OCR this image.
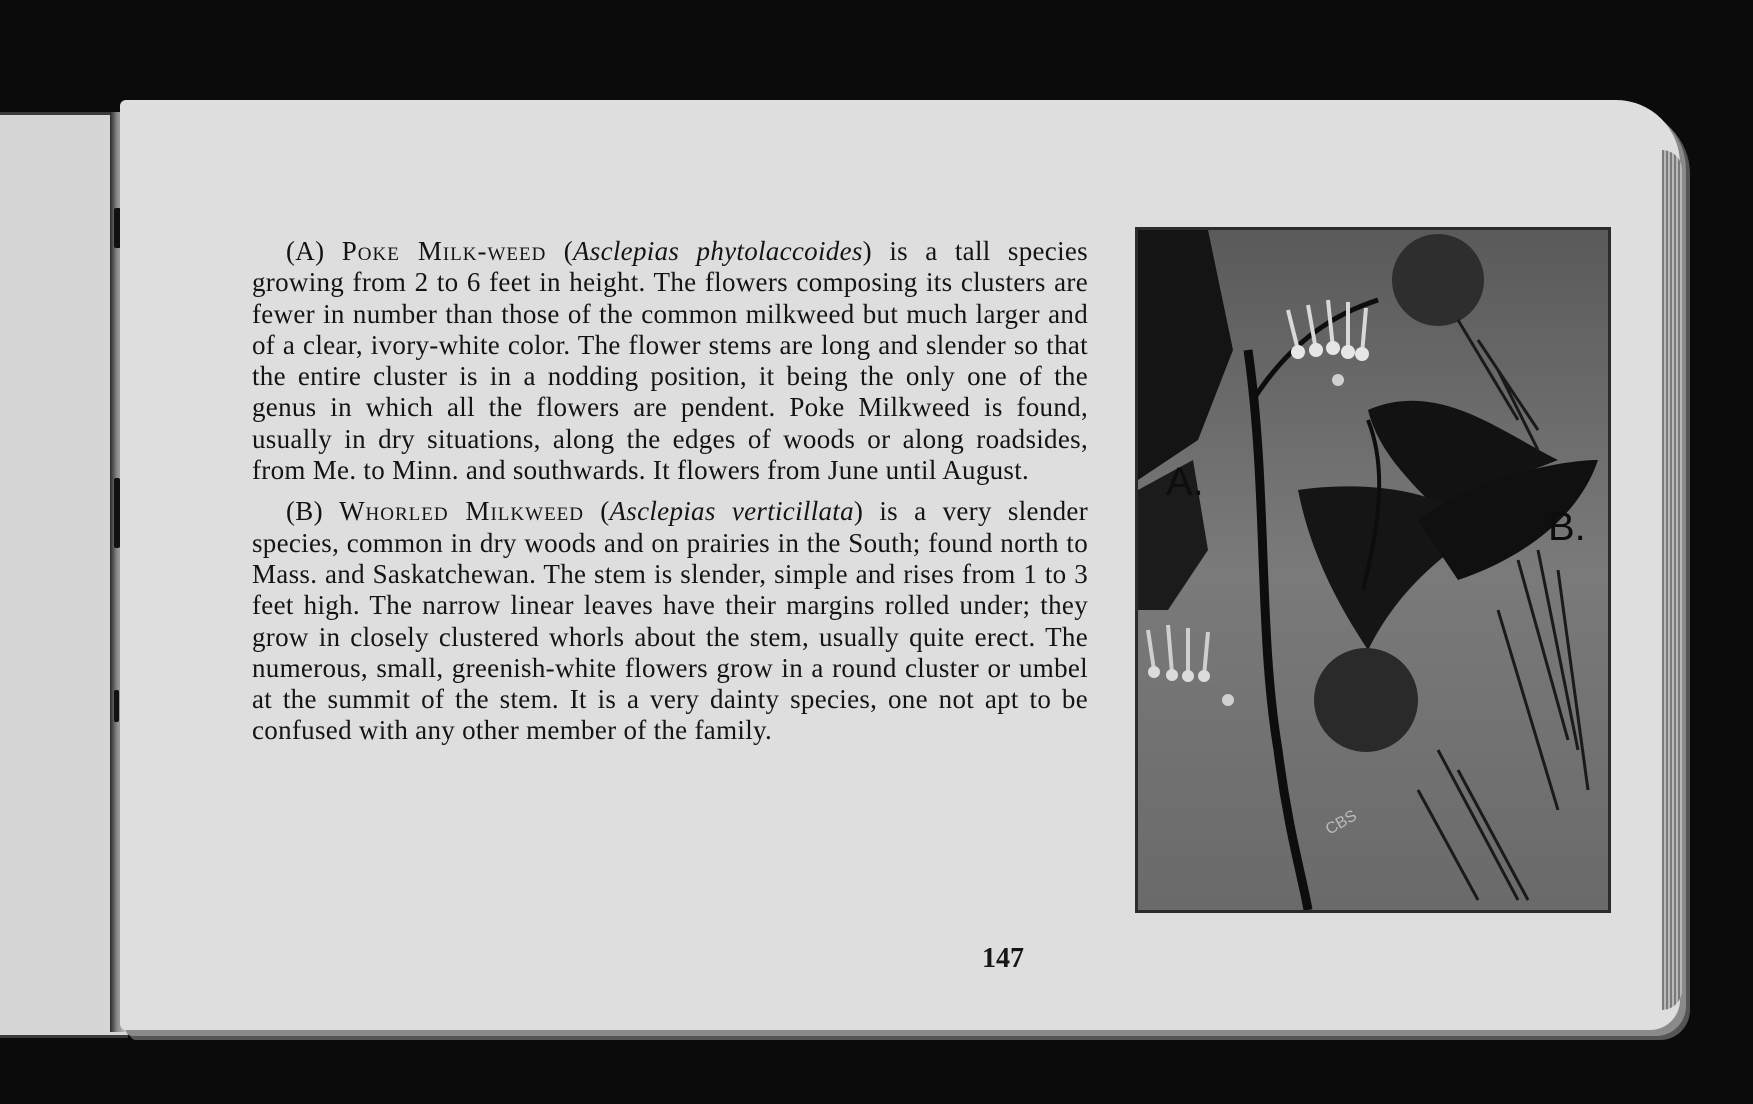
(A) Poke Milk-weed (Asclepias phytolaccoides) is a tall species growing from 2 to 6 feet in height. The flowers composing its clusters are fewer in number than those of the common milkweed but much larger and of a clear, ivory-white color. The flower stems are long and slender so that the entire cluster is in a nodding position, it being the only one of the genus in which all the flowers are pendent. Poke Milkweed is found, usually in dry situations, along the edges of woods or along roadsides, from Me. to Minn. and southwards. It flowers from June until August.

(B) Whorled Milkweed (Asclepias verticillata) is a very slender species, common in dry woods and on prairies in the South; found north to Mass. and Saskatchewan. The stem is slender, simple and rises from 1 to 3 feet high. The narrow linear leaves have their margins rolled under; they grow in closely clustered whorls about the stem, usually quite erect. The numerous, small, greenish-white flowers grow in a round cluster or umbel at the summit of the stem. It is a very dainty species, one not apt to be confused with any other member of the family.

147
A.
B.
CBS
